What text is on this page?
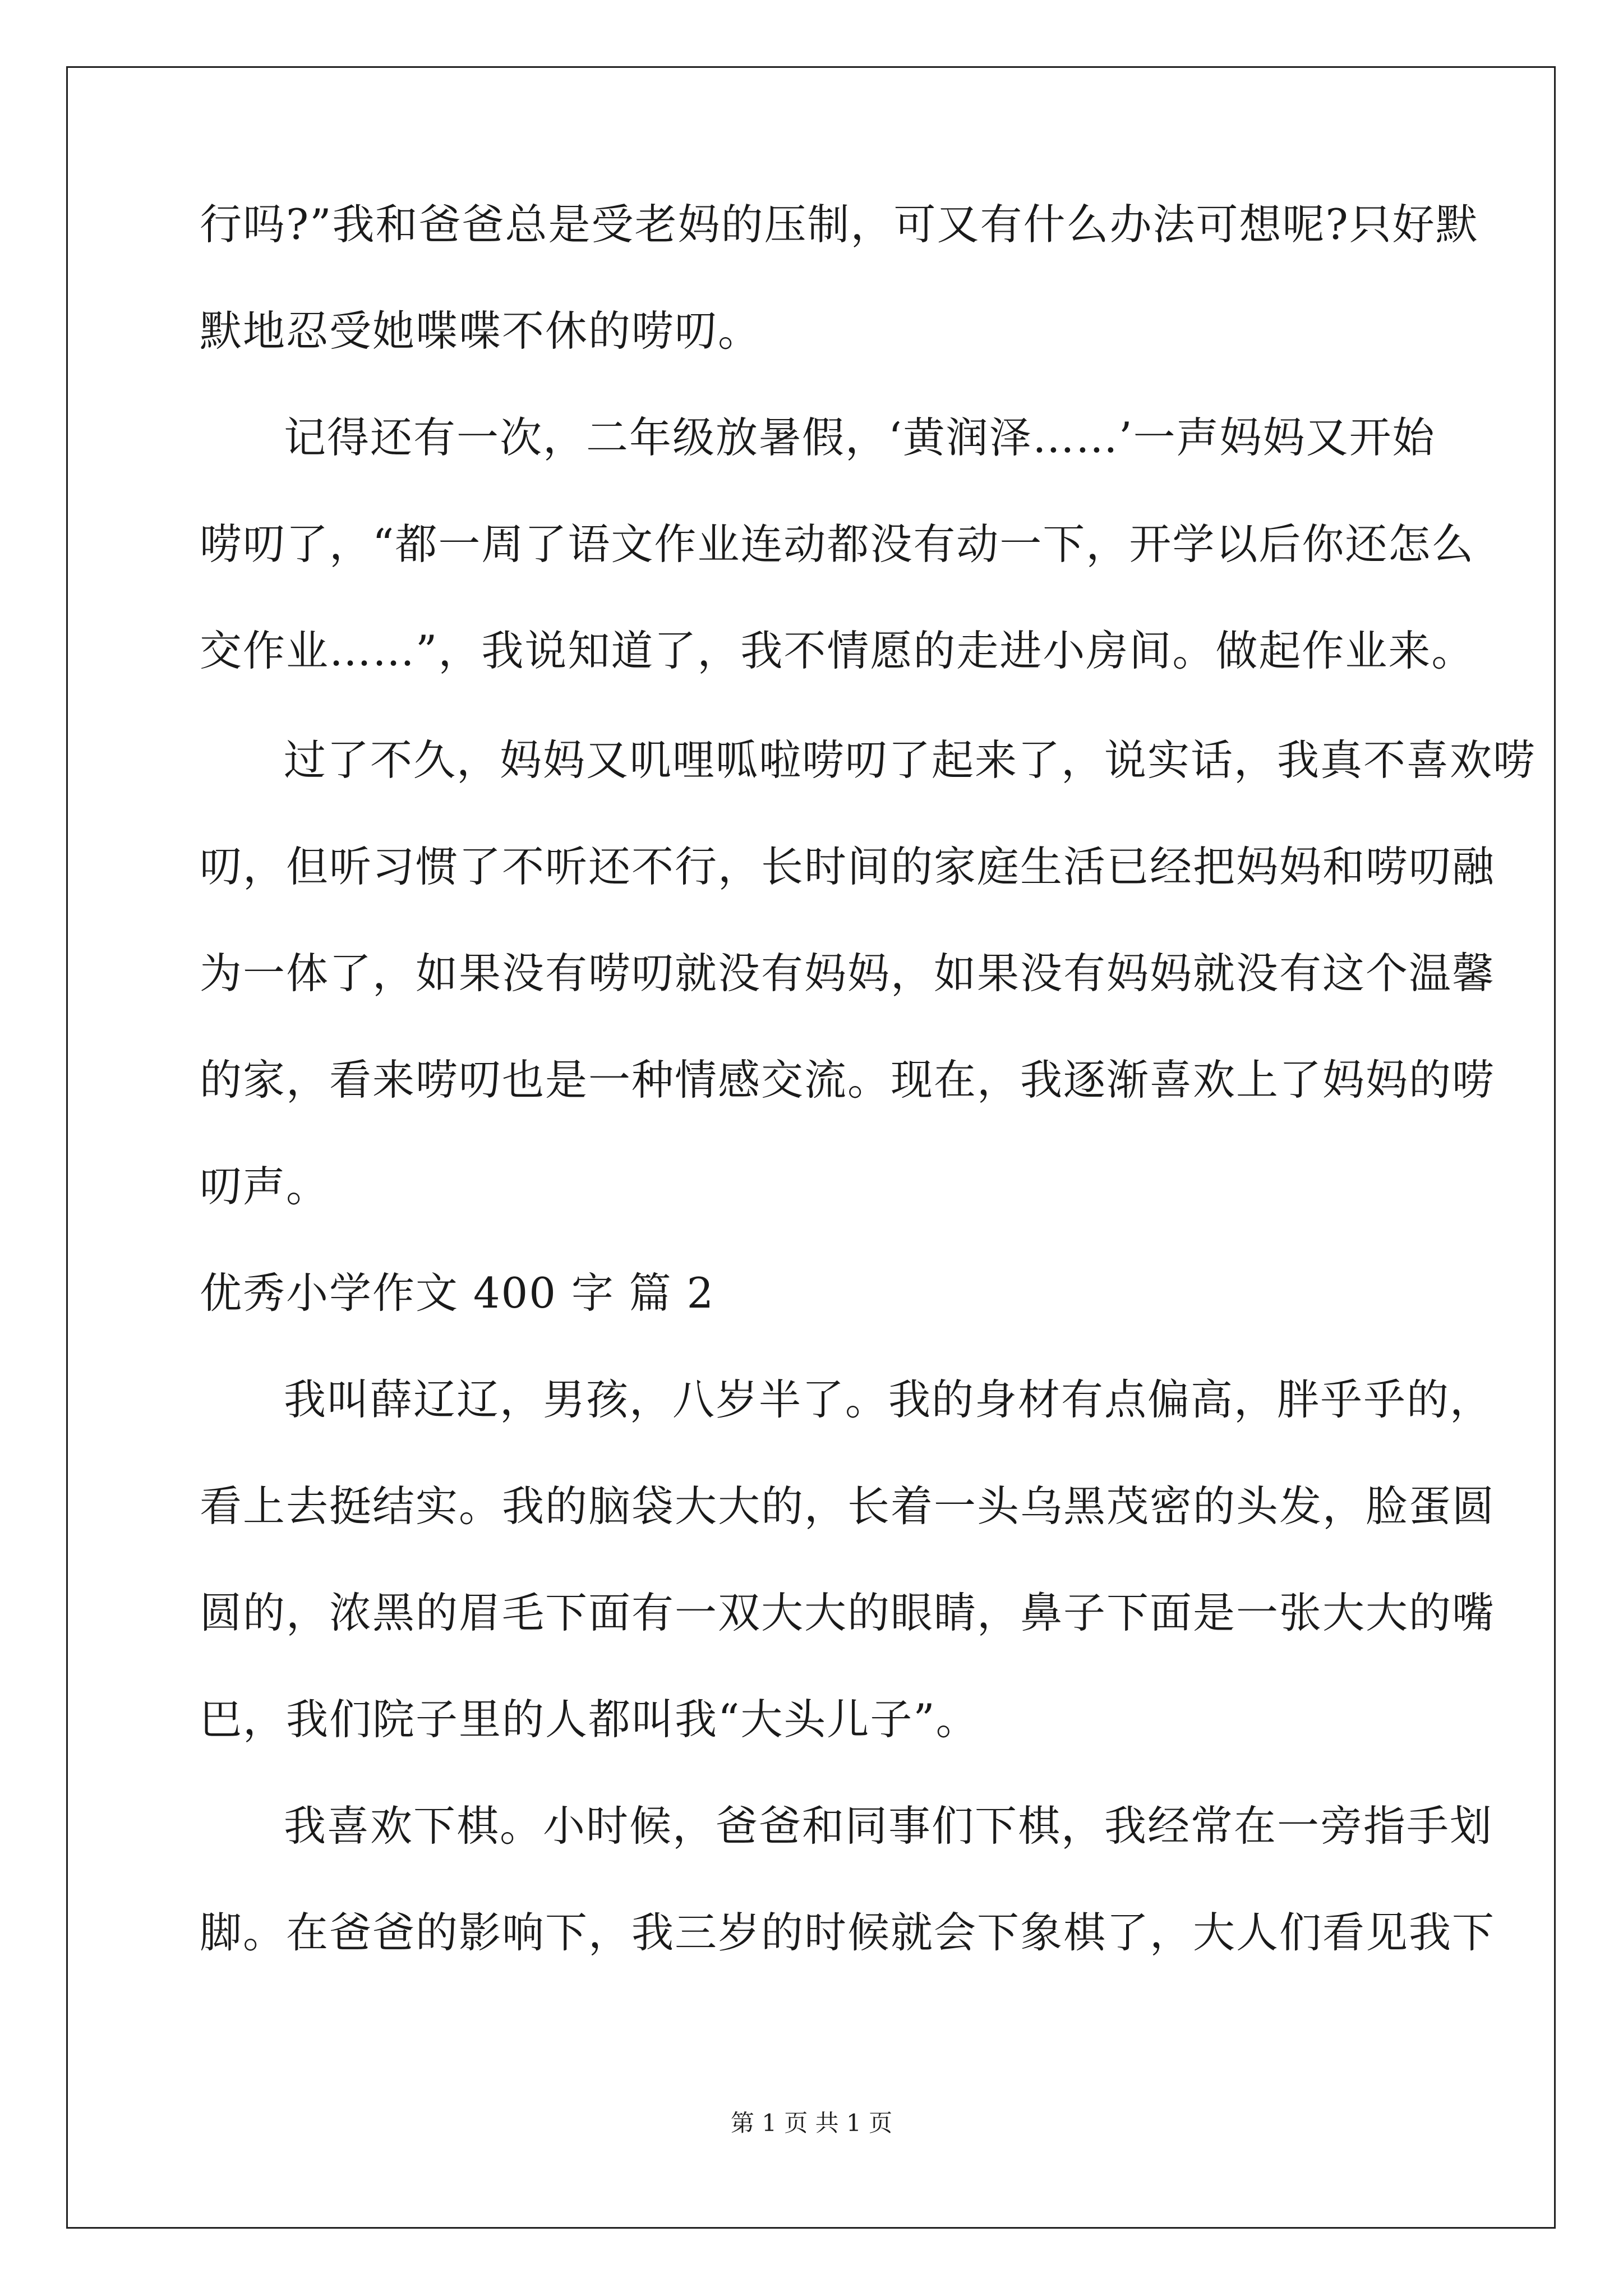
行吗?”我和爸爸总是受老妈的压制，可又有什么办法可想呢?只好默
默地忍受她喋喋不休的唠叨。
记得还有一次，二年级放暑假，‘黄润泽……’一声妈妈又开始
唠叨了，“都一周了语文作业连动都没有动一下，开学以后你还怎么
交作业……”，我说知道了，我不情愿的走进小房间。做起作业来。
过了不久，妈妈又叽哩呱啦唠叨了起来了，说实话，我真不喜欢唠
叨，但听习惯了不听还不行，长时间的家庭生活已经把妈妈和唠叨融
为一体了，如果没有唠叨就没有妈妈，如果没有妈妈就没有这个温馨
的家，看来唠叨也是一种情感交流。现在，我逐渐喜欢上了妈妈的唠
叨声。
优秀小学作文 400 字 篇 2
我叫薛辽辽，男孩，八岁半了。我的身材有点偏高，胖乎乎的，
看上去挺结实。我的脑袋大大的，长着一头乌黑茂密的头发，脸蛋圆
圆的，浓黑的眉毛下面有一双大大的眼睛，鼻子下面是一张大大的嘴
巴，我们院子里的人都叫我“大头儿子”。
我喜欢下棋。小时候，爸爸和同事们下棋，我经常在一旁指手划
脚。在爸爸的影响下，我三岁的时候就会下象棋了，大人们看见我下
第 1 页 共 1 页
